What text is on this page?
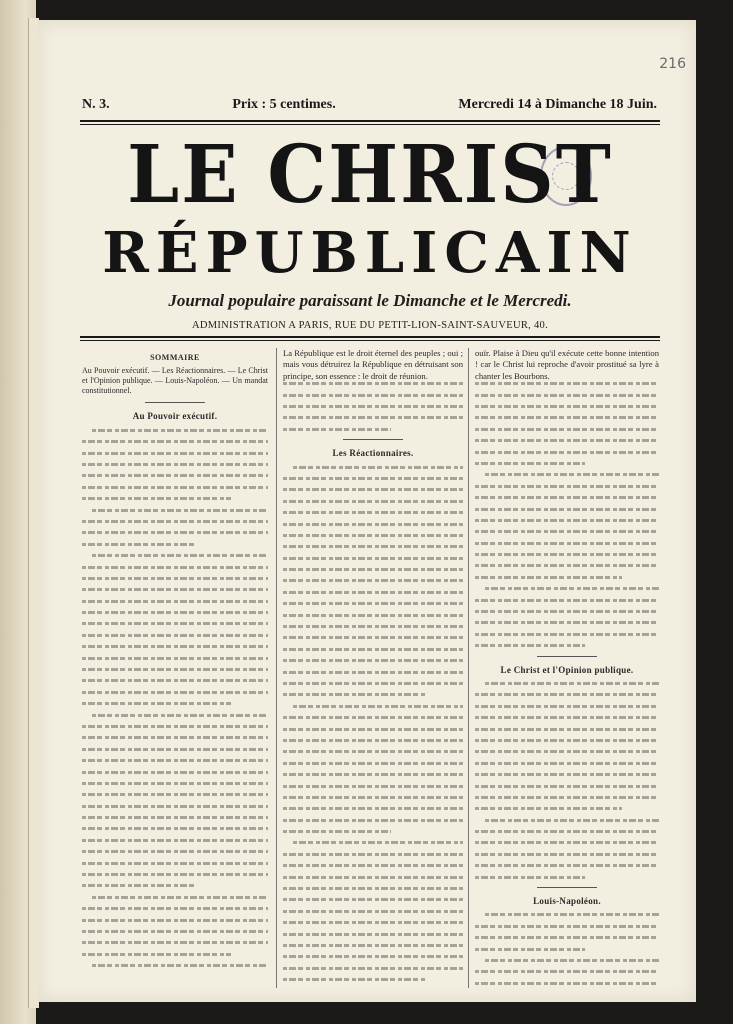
216
N. 3.	Prix : 5 centimes.	Mercredi 14 à Dimanche 18 Juin.
LE CHRIST
RÉPUBLICAIN
Journal populaire paraissant le Dimanche et le Mercredi.
ADMINISTRATION A PARIS, RUE DU PETIT-LION-SAINT-SAUVEUR, 40.
SOMMAIRE
Au Pouvoir exécutif. — Les Réactionnaires. — Le Christ et l'Opinion publique. — Louis-Napoléon. — Un mandat constitutionnel.
Au Pouvoir exécutif.
La République est le droit éternel des peuples ; oui ; mais vous détruirez la République en détruisant son principe, son essence : le droit de réunion.
Les Réactionnaires.
ouïr. Plaise à Dieu qu'il exécute cette bonne intention ! car le Christ lui reproche d'avoir prostitué sa lyre à chanter les Bourbons.
Le Christ et l'Opinion publique.
Louis-Napoléon.
